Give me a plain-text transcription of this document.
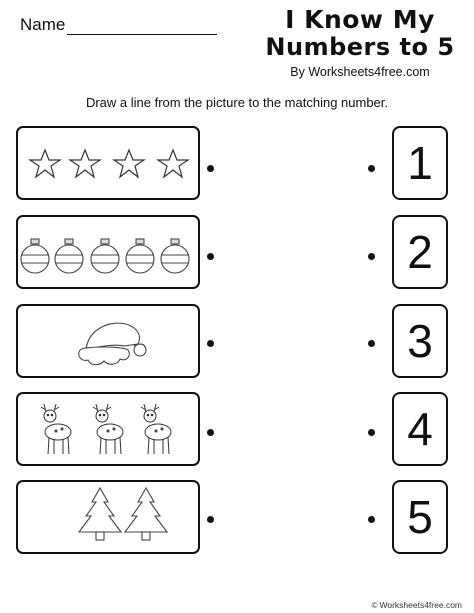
Name	I Know My
Numbers to 5
By Worksheets4free.com
Draw a line from the picture to the matching number.
1
2
3
4
5
© Worksheets4free.com
